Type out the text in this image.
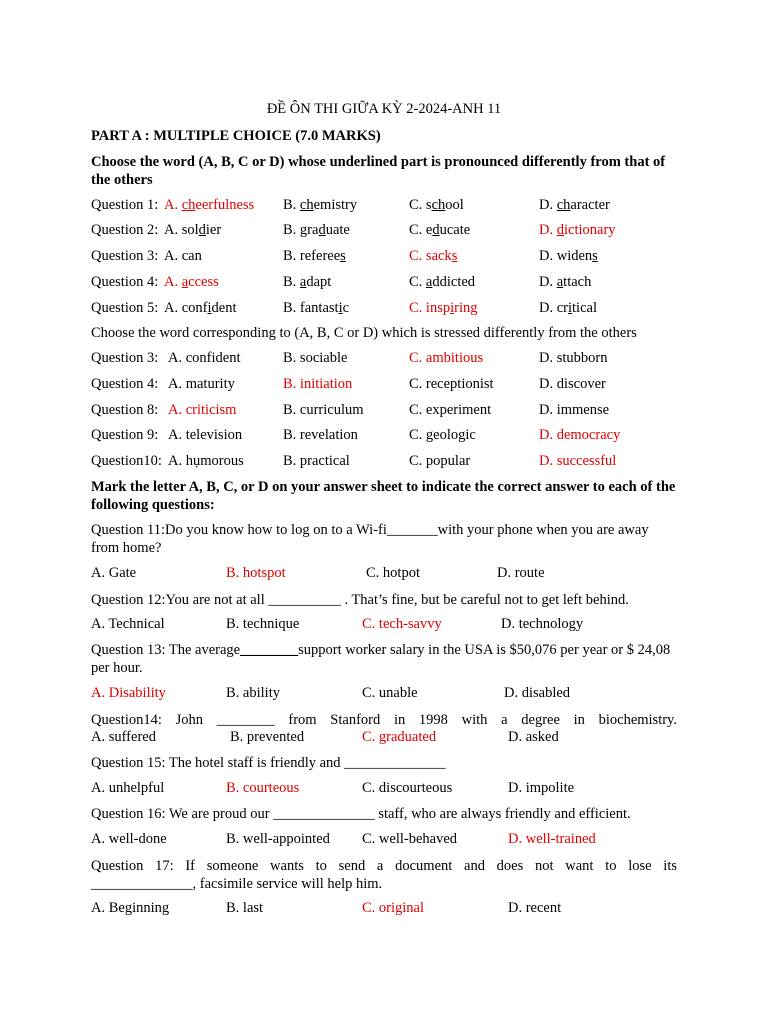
ĐỀ ÔN THI GIỮA KỲ 2-2024-ANH 11
PART A : MULTIPLE CHOICE (7.0 MARKS)
Choose the word (A, B, C or D) whose underlined part is pronounced differently from that of the others
Question 1: A. cheerfulness B. chemistry	C. school	D. character
Question 2: A. soldier	B. graduate	C. educate	D. dictionary
Question 3: A. can	B. referees	C. sacks	D. widens
Question 4: A. access	B. adapt	C. addicted	D. attach
Question 5: A. confident	B. fantastic	C. inspiring	D. critical
Choose the word corresponding to (A, B, C or D) which is stressed differently from the others
Question 3: A. confident	B. sociable	C. ambitious	D. stubborn
Question 4: A. maturity	B. initiation	C. receptionist	D. discover
Question 8: A. criticism	B. curriculum	C. experiment	D. immense
Question 9: A. television	B. revelation	C. geologic	D. democracy
Question10: A. hụmorous	B. practical	C. popular	D. successful
Mark the letter A, B, C, or D on your answer sheet to indicate the correct answer to each of the following questions:
Question 11:Do you know how to log on to a Wi-fi_______with your phone when you are away from home?
A. Gate	B. hotspot	C. hotpot	D. route
Question 12:You are not at all __________ . That’s fine, but be careful not to get left behind.
A. Technical	B. technique	C. tech-savvy	D. technology
Question 13: The average________support worker salary in the USA is $50,076 per year or $ 24,08 per hour.
A. Disability	B. ability	C. unable	D. disabled
Question14: John ________ from Stanford in 1998 with a degree in biochemistry.
A. suffered	B. prevented	C. graduated	D. asked
Question 15: The hotel staff is friendly and ______________
A. unhelpful	B. courteous	C. discourteous	D. impolite
Question 16: We are proud our ______________ staff, who are always friendly and efficient.
A. well-done	B. well-appointed C. well-behaved	D. well-trained
Question 17: If someone wants to send a document and does not want to lose its
______________, facsimile service will help him.
A. Beginning	B. last	C. original	D. recent
